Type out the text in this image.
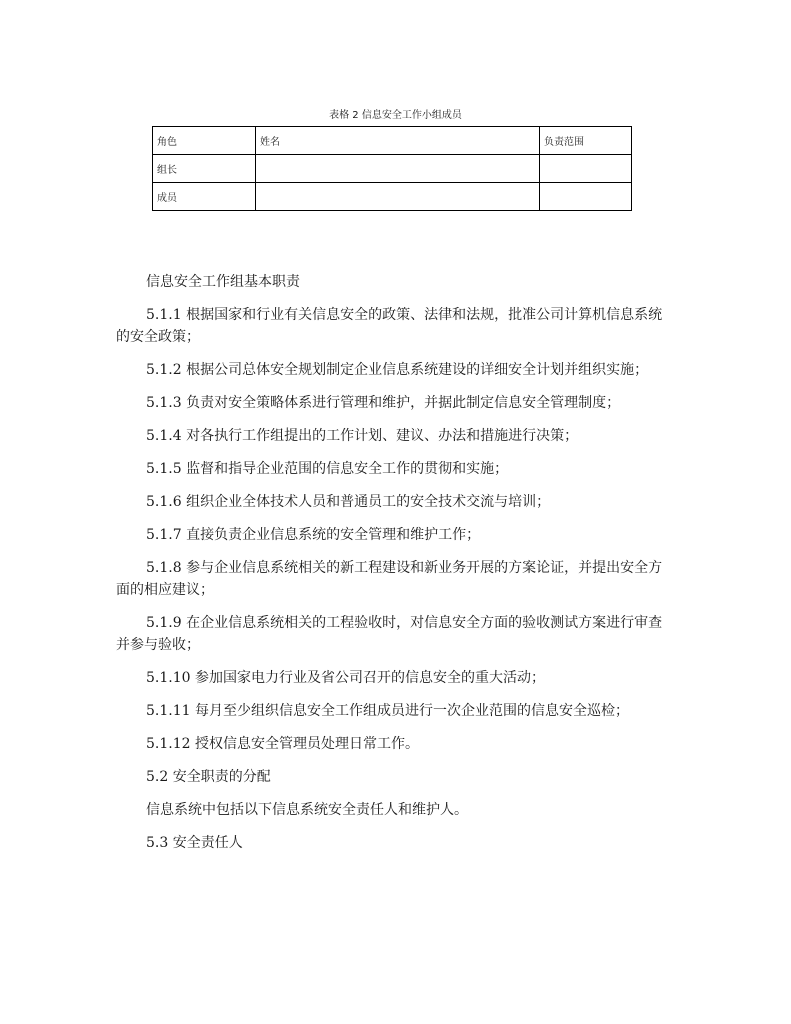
表格 2 信息安全工作小组成员
角色	姓名	负责范围
组长		
成员		

信息安全工作组基本职责

5.1.1 根据国家和行业有关信息安全的政策、法律和法规，批准公司计算机信息系统的安全政策；

5.1.2 根据公司总体安全规划制定企业信息系统建设的详细安全计划并组织实施；

5.1.3 负责对安全策略体系进行管理和维护，并据此制定信息安全管理制度；

5.1.4 对各执行工作组提出的工作计划、建议、办法和措施进行决策；

5.1.5 监督和指导企业范围的信息安全工作的贯彻和实施；

5.1.6 组织企业全体技术人员和普通员工的安全技术交流与培训；

5.1.7 直接负责企业信息系统的安全管理和维护工作；

5.1.8 参与企业信息系统相关的新工程建设和新业务开展的方案论证，并提出安全方面的相应建议；

5.1.9 在企业信息系统相关的工程验收时，对信息安全方面的验收测试方案进行审查并参与验收；

5.1.10 参加国家电力行业及省公司召开的信息安全的重大活动；

5.1.11 每月至少组织信息安全工作组成员进行一次企业范围的信息安全巡检；

5.1.12 授权信息安全管理员处理日常工作。

5.2 安全职责的分配

信息系统中包括以下信息系统安全责任人和维护人。

5.3 安全责任人
